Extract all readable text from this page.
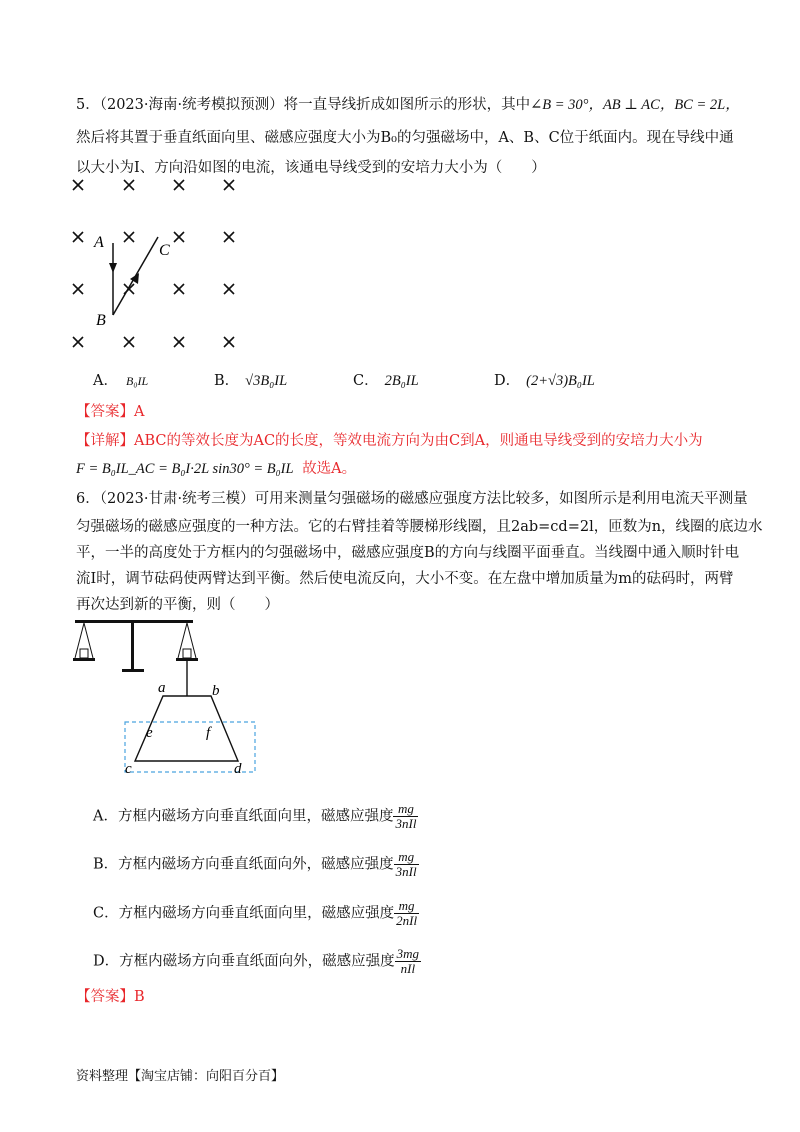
5．（2023·海南·统考模拟预测）将一直导线折成如图所示的形状，其中∠B = 30°，AB ⊥ AC，BC = 2L，
然后将其置于垂直纸面向里、磁感应强度大小为B₀的匀强磁场中，A、B、C位于纸面内。现在导线中通
以大小为I、方向沿如图的电流，该通电导线受到的安培力大小为（　　）
A
B
C
A． B₀IL	B． √3B₀IL	C． 2B₀IL	D． (2+√3)B₀IL
【答案】A
【详解】ABC的等效长度为AC的长度，等效电流方向为由C到A，则通电导线受到的安培力大小为
F = B₀IL_AC = B₀I·2L sin30° = B₀IL 故选A。
6．（2023·甘肃·统考三模）可用来测量匀强磁场的磁感应强度方法比较多，如图所示是利用电流天平测量
匀强磁场的磁感应强度的一种方法。它的右臂挂着等腰梯形线圈，且2ab=cd=2l，匝数为n，线圈的底边水
平，一半的高度处于方框内的匀强磁场中，磁感应强度B的方向与线圈平面垂直。当线圈中通入顺时针电
流I时，调节砝码使两臂达到平衡。然后使电流反向，大小不变。在左盘中增加质量为m的砝码时，两臂
再次达到新的平衡，则（　　）
a	b
c	d
e	f
A．方框内磁场方向垂直纸面向里，磁感应强度 $\frac{mg}{\text{3nIl}}$
B．方框内磁场方向垂直纸面向外，磁感应强度 $\frac{mg}{\text{3nIl}}$
C．方框内磁场方向垂直纸面向里，磁感应强度 $\frac{mg}{\text{2nIl}}$
D．方框内磁场方向垂直纸面向外，磁感应强度 $\frac{3mg}{\text{nIl}}$
【答案】B
资料整理【淘宝店铺：向阳百分百】
